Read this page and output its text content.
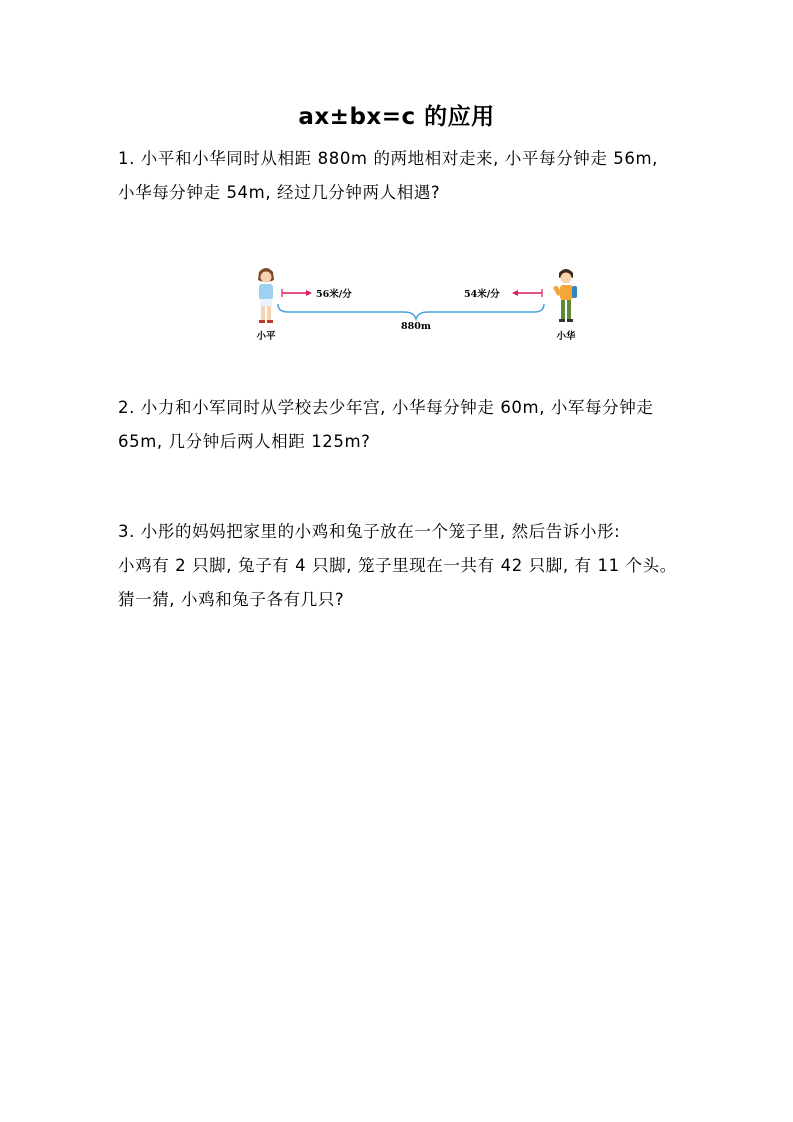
ax±bx=c 的应用
1. 小平和小华同时从相距 880m 的两地相对走来, 小平每分钟走 56m,
小华每分钟走 54m, 经过几分钟两人相遇?
56米/分	54米/分
880m
小平	小华
2. 小力和小军同时从学校去少年宫, 小华每分钟走 60m, 小军每分钟走
65m, 几分钟后两人相距 125m?
3. 小彤的妈妈把家里的小鸡和兔子放在一个笼子里, 然后告诉小彤:
小鸡有 2 只脚, 兔子有 4 只脚, 笼子里现在一共有 42 只脚, 有 11 个头。
猜一猜, 小鸡和兔子各有几只?
